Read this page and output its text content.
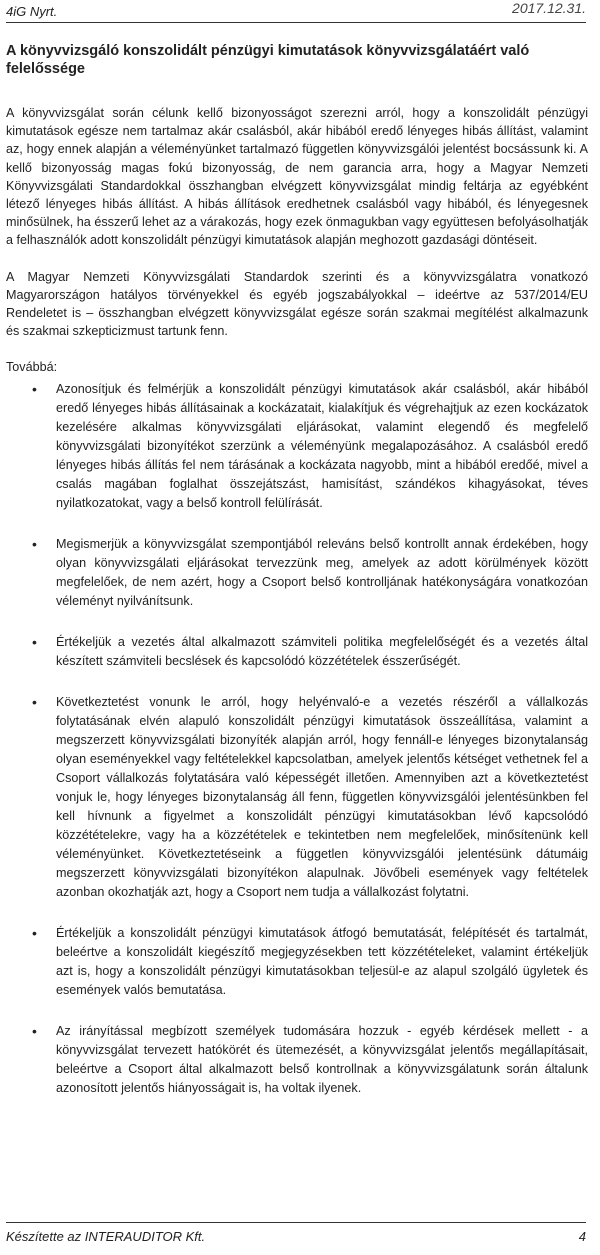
4iG Nyrt.	2017.12.31.
A könyvvizsgáló konszolidált pénzügyi kimutatások könyvvizsgálatáért való felelőssége

A könyvvizsgálat során célunk kellő bizonyosságot szerezni arról, hogy a konszolidált pénzügyi kimutatások egésze nem tartalmaz akár csalásból, akár hibából eredő lényeges hibás állítást, valamint az, hogy ennek alapján a véleményünket tartalmazó független könyvvizsgálói jelentést bocsássunk ki. A kellő bizonyosság magas fokú bizonyosság, de nem garancia arra, hogy a Magyar Nemzeti Könyvvizsgálati Standardokkal összhangban elvégzett könyvvizsgálat mindig feltárja az egyébként létező lényeges hibás állítást. A hibás állítások eredhetnek csalásból vagy hibából, és lényegesnek minősülnek, ha ésszerű lehet az a várakozás, hogy ezek önmagukban vagy együttesen befolyásolhatják a felhasználók adott konszolidált pénzügyi kimutatások alapján meghozott gazdasági döntéseit.

A Magyar Nemzeti Könyvvizsgálati Standardok szerinti és a könyvvizsgálatra vonatkozó Magyarországon hatályos törvényekkel és egyéb jogszabályokkal – ideértve az 537/2014/EU Rendeletet is – összhangban elvégzett könyvvizsgálat egésze során szakmai megítélést alkalmazunk és szakmai szkepticizmust tartunk fenn.

Továbbá:
• Azonosítjuk és felmérjük a konszolidált pénzügyi kimutatások akár csalásból, akár hibából eredő lényeges hibás állításainak a kockázatait, kialakítjuk és végrehajtjuk az ezen kockázatok kezelésére alkalmas könyvvizsgálati eljárásokat, valamint elegendő és megfelelő könyvvizsgálati bizonyítékot szerzünk a véleményünk megalapozásához. A csalásból eredő lényeges hibás állítás fel nem tárásának a kockázata nagyobb, mint a hibából eredőé, mivel a csalás magában foglalhat összejátszást, hamisítást, szándékos kihagyásokat, téves nyilatkozatokat, vagy a belső kontroll felülírását.
• Megismerjük a könyvvizsgálat szempontjából releváns belső kontrollt annak érdekében, hogy olyan könyvvizsgálati eljárásokat tervezzünk meg, amelyek az adott körülmények között megfelelőek, de nem azért, hogy a Csoport belső kontrolljának hatékonyságára vonatkozóan véleményt nyilvánítsunk.
• Értékeljük a vezetés által alkalmazott számviteli politika megfelelőségét és a vezetés által készített számviteli becslések és kapcsolódó közzétételek ésszerűségét.
• Következtetést vonunk le arról, hogy helyénvaló-e a vezetés részéről a vállalkozás folytatásának elvén alapuló konszolidált pénzügyi kimutatások összeállítása, valamint a megszerzett könyvvizsgálati bizonyíték alapján arról, hogy fennáll-e lényeges bizonytalanság olyan eseményekkel vagy feltételekkel kapcsolatban, amelyek jelentős kétséget vethetnek fel a Csoport vállalkozás folytatására való képességét illetően. Amennyiben azt a következtetést vonjuk le, hogy lényeges bizonytalanság áll fenn, független könyvvizsgálói jelentésünkben fel kell hívnunk a figyelmet a konszolidált pénzügyi kimutatásokban lévő kapcsolódó közzétételekre, vagy ha a közzétételek e tekintetben nem megfelelőek, minősítenünk kell véleményünket. Következtetéseink a független könyvvizsgálói jelentésünk dátumáig megszerzett könyvvizsgálati bizonyítékon alapulnak. Jövőbeli események vagy feltételek azonban okozhatják azt, hogy a Csoport nem tudja a vállalkozást folytatni.
• Értékeljük a konszolidált pénzügyi kimutatások átfogó bemutatását, felépítését és tartalmát, beleértve a konszolidált kiegészítő megjegyzésekben tett közzétételeket, valamint értékeljük azt is, hogy a konszolidált pénzügyi kimutatásokban teljesül-e az alapul szolgáló ügyletek és események valós bemutatása.
• Az irányítással megbízott személyek tudomására hozzuk - egyéb kérdések mellett - a könyvvizsgálat tervezett hatókörét és ütemezését, a könyvvizsgálat jelentős megállapításait, beleértve a Csoport által alkalmazott belső kontrollnak a könyvvizsgálatunk során általunk azonosított jelentős hiányosságait is, ha voltak ilyenek.
Készítette az INTERAUDITOR Kft.	4
